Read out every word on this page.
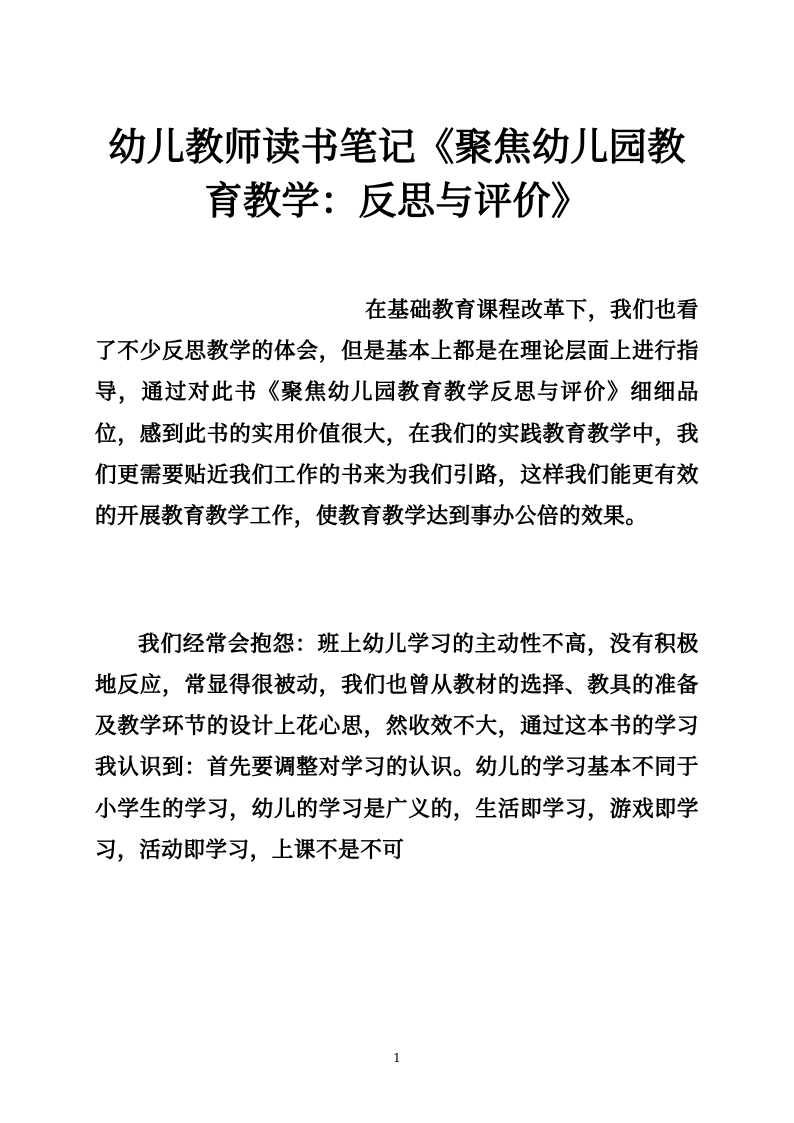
幼儿教师读书笔记《聚焦幼儿园教育教学：反思与评价》

在基础教育课程改革下，我们也看了不少反思教学的体会，但是基本上都是在理论层面上进行指导，通过对此书《聚焦幼儿园教育教学反思与评价》细细品位，感到此书的实用价值很大，在我们的实践教育教学中，我们更需要贴近我们工作的书来为我们引路，这样我们能更有效的开展教育教学工作，使教育教学达到事办公倍的效果。

我们经常会抱怨：班上幼儿学习的主动性不高，没有积极地反应，常显得很被动，我们也曾从教材的选择、教具的准备及教学环节的设计上花心思，然收效不大，通过这本书的学习我认识到：首先要调整对学习的认识。幼儿的学习基本不同于小学生的学习，幼儿的学习是广义的，生活即学习，游戏即学习，活动即学习，上课不是不可

1
